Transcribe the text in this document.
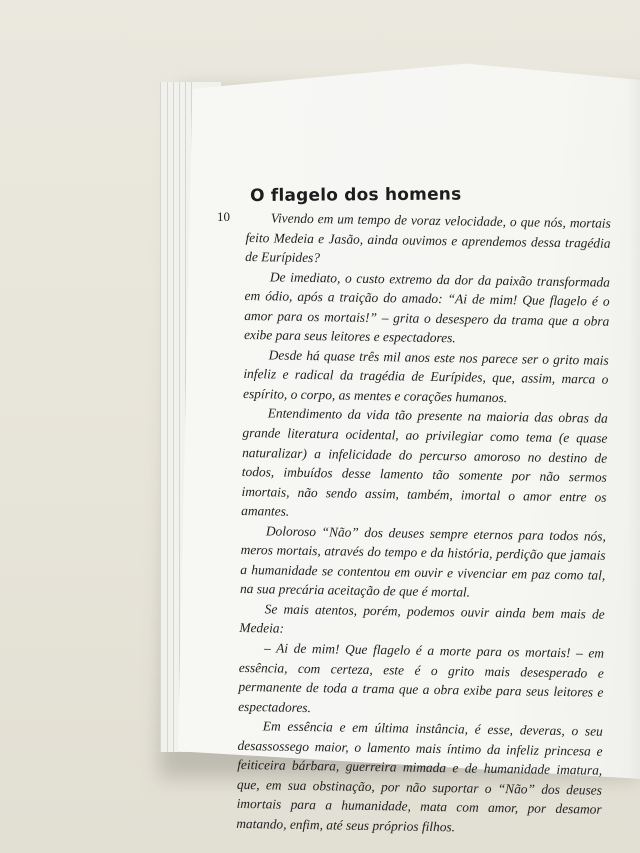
10
O flagelo dos homens

Vivendo em um tempo de voraz velocidade, o que nós, mortais feito Medeia e Jasão, ainda ouvimos e aprendemos dessa tragédia de Eurípides?

De imediato, o custo extremo da dor da paixão transformada em ódio, após a traição do amado: “Ai de mim! Que flagelo é o amor para os mortais!” – grita o desespero da trama que a obra exibe para seus leitores e espectadores.

Desde há quase três mil anos este nos parece ser o grito mais infeliz e radical da tragédia de Eurípides, que, assim, marca o espírito, o corpo, as mentes e corações humanos.

Entendimento da vida tão presente na maioria das obras da grande literatura ocidental, ao privilegiar como tema (e quase naturalizar) a infelicidade do percurso amoroso no destino de todos, imbuídos desse lamento tão somente por não sermos imortais, não sendo assim, também, imortal o amor entre os amantes.

Doloroso “Não” dos deuses sempre eternos para todos nós, meros mortais, através do tempo e da história, perdição que jamais a humanidade se contentou em ouvir e vivenciar em paz como tal, na sua precária aceitação de que é mortal.

Se mais atentos, porém, podemos ouvir ainda bem mais de Medeia:

– Ai de mim! Que flagelo é a morte para os mortais! – em essência, com certeza, este é o grito mais desesperado e permanente de toda a trama que a obra exibe para seus leitores e espectadores.

Em essência e em última instância, é esse, deveras, o seu desassossego maior, o lamento mais íntimo da infeliz princesa e feiticeira bárbara, guerreira mimada e de humanidade imatura, que, em sua obstinação, por não suportar o “Não” dos deuses imortais para a humanidade, mata com amor, por desamor matando, enfim, até seus próprios filhos.
